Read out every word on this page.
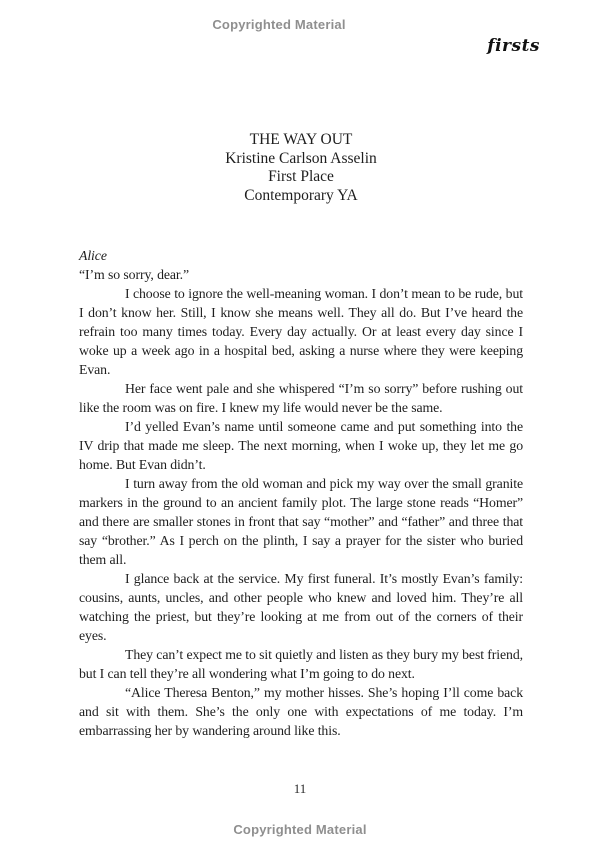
Copyrighted Material
firsts
THE WAY OUT
Kristine Carlson Asselin
First Place
Contemporary YA

Alice

“I’m so sorry, dear.”

I choose to ignore the well-meaning woman. I don’t mean to be rude, but I don’t know her. Still, I know she means well. They all do. But I’ve heard the refrain too many times today. Every day actually. Or at least every day since I woke up a week ago in a hospital bed, asking a nurse where they were keeping Evan.

Her face went pale and she whispered “I’m so sorry” before rushing out like the room was on fire. I knew my life would never be the same.

I’d yelled Evan’s name until someone came and put something into the IV drip that made me sleep. The next morning, when I woke up, they let me go home. But Evan didn’t.

I turn away from the old woman and pick my way over the small granite markers in the ground to an ancient family plot. The large stone reads “Homer” and there are smaller stones in front that say “mother” and “father” and three that say “brother.” As I perch on the plinth, I say a prayer for the sister who buried them all.

I glance back at the service. My first funeral. It’s mostly Evan’s family: cousins, aunts, uncles, and other people who knew and loved him. They’re all watching the priest, but they’re looking at me from out of the corners of their eyes.

They can’t expect me to sit quietly and listen as they bury my best friend, but I can tell they’re all wondering what I’m going to do next.

“Alice Theresa Benton,” my mother hisses. She’s hoping I’ll come back and sit with them. She’s the only one with expectations of me today. I’m embarrassing her by wandering around like this.

11
Copyrighted Material
